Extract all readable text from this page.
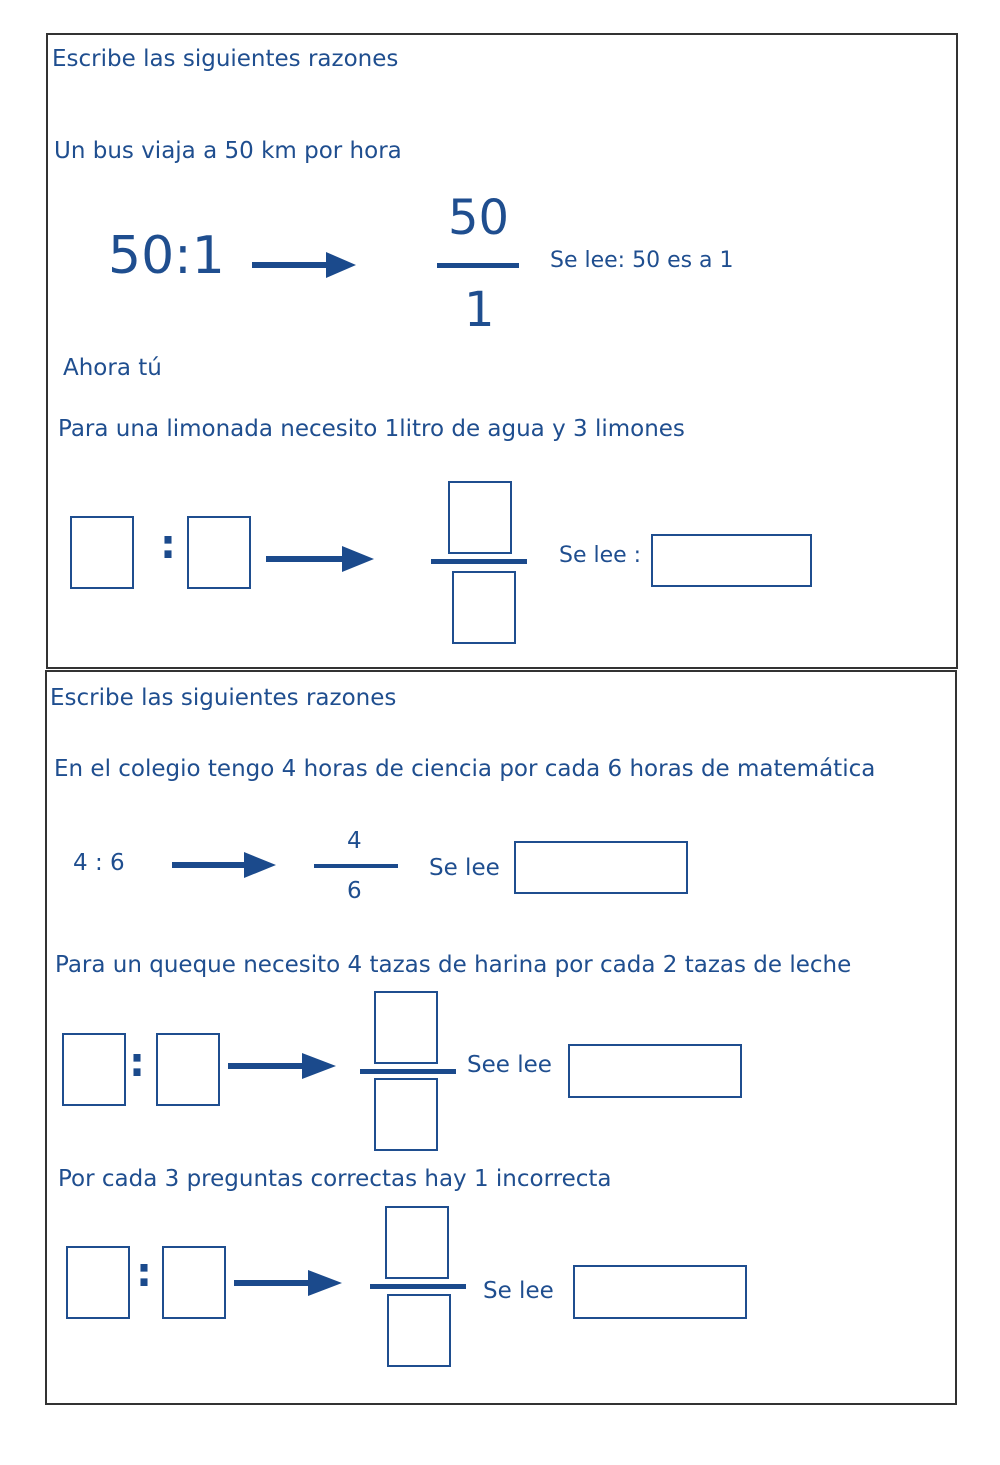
Escribe las siguientes razones
Un bus viaja a 50 km por hora
50:1
50
1
Se lee: 50 es a 1
Ahora tú
Para una limonada necesito 1litro de agua y 3 limones
:	Se lee :
Escribe las siguientes razones
En el colegio tengo 4 horas de ciencia por cada 6 horas de matemática
4 : 6
4
6
Se lee
Para un queque necesito 4 tazas de harina por cada 2 tazas de leche
:	See lee
Por cada 3 preguntas correctas hay 1 incorrecta
:	Se lee
